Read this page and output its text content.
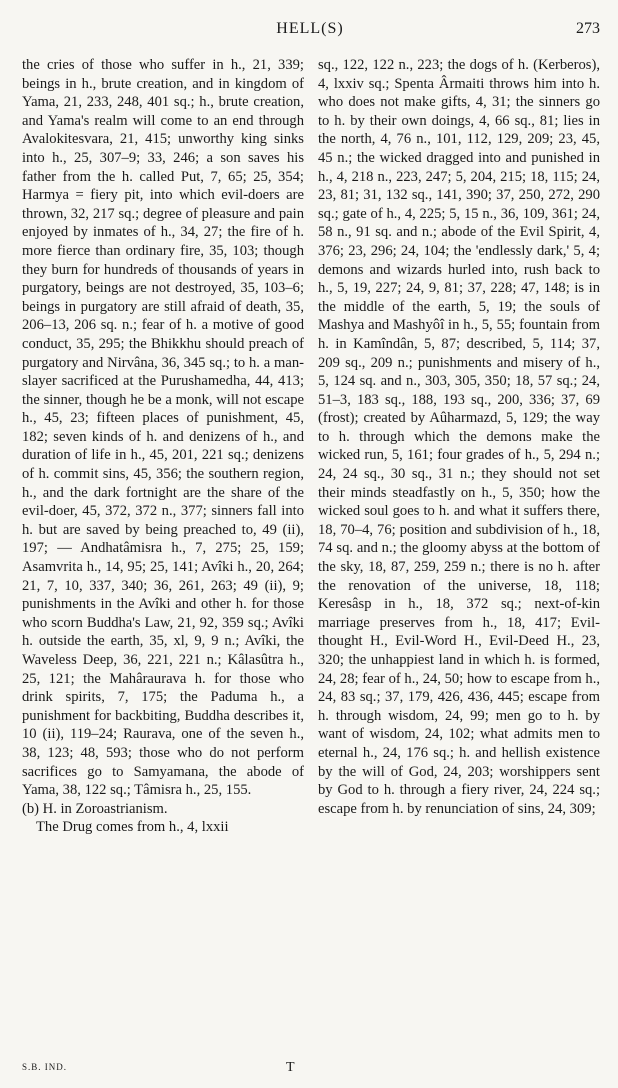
HELL(S)	273

the cries of those who suffer in h., 21, 339; beings in h., brute creation, and in kingdom of Yama, 21, 233, 248, 401 sq.; h., brute creation, and Yama's realm will come to an end through Avalokitesvara, 21, 415; unworthy king sinks into h., 25, 307–9; 33, 246; a son saves his father from the h. called Put, 7, 65; 25, 354; Harmya = fiery pit, into which evil-doers are thrown, 32, 217 sq.; degree of pleasure and pain enjoyed by inmates of h., 34, 27; the fire of h. more fierce than ordinary fire, 35, 103; though they burn for hundreds of thousands of years in purgatory, beings are not destroyed, 35, 103–6; beings in purgatory are still afraid of death, 35, 206–13, 206 sq. n.; fear of h. a motive of good conduct, 35, 295; the Bhikkhu should preach of purgatory and Nirvâna, 36, 345 sq.; to h. a man-slayer sacrificed at the Purushamedha, 44, 413; the sinner, though he be a monk, will not escape h., 45, 23; fifteen places of punishment, 45, 182; seven kinds of h. and denizens of h., and duration of life in h., 45, 201, 221 sq.; denizens of h. commit sins, 45, 356; the southern region, h., and the dark fortnight are the share of the evil-doer, 45, 372, 372 n., 377; sinners fall into h. but are saved by being preached to, 49 (ii), 197; — Andhatâmisra h., 7, 275; 25, 159; Asamvrita h., 14, 95; 25, 141; Avîki h., 20, 264; 21, 7, 10, 337, 340; 36, 261, 263; 49 (ii), 9; punishments in the Avîki and other h. for those who scorn Buddha's Law, 21, 92, 359 sq.; Avîki h. outside the earth, 35, xl, 9, 9 n.; Avîki, the Waveless Deep, 36, 221, 221 n.; Kâlasûtra h., 25, 121; the Mahâraurava h. for those who drink spirits, 7, 175; the Paduma h., a punishment for backbiting, Buddha describes it, 10 (ii), 119–24; Raurava, one of the seven h., 38, 123; 48, 593; those who do not perform sacrifices go to Samyamana, the abode of Yama, 38, 122 sq.; Tâmisra h., 25, 155.

(b) H. in Zoroastrianism.

The Drug comes from h., 4, lxxii

sq., 122, 122 n., 223; the dogs of h. (Kerberos), 4, lxxiv sq.; Spenta Ârmaiti throws him into h. who does not make gifts, 4, 31; the sinners go to h. by their own doings, 4, 66 sq., 81; lies in the north, 4, 76 n., 101, 112, 129, 209; 23, 45, 45 n.; the wicked dragged into and punished in h., 4, 218 n., 223, 247; 5, 204, 215; 18, 115; 24, 23, 81; 31, 132 sq., 141, 390; 37, 250, 272, 290 sq.; gate of h., 4, 225; 5, 15 n., 36, 109, 361; 24, 58 n., 91 sq. and n.; abode of the Evil Spirit, 4, 376; 23, 296; 24, 104; the 'endlessly dark,' 5, 4; demons and wizards hurled into, rush back to h., 5, 19, 227; 24, 9, 81; 37, 228; 47, 148; is in the middle of the earth, 5, 19; the souls of Mashya and Mashyôî in h., 5, 55; fountain from h. in Kamîndân, 5, 87; described, 5, 114; 37, 209 sq., 209 n.; punishments and misery of h., 5, 124 sq. and n., 303, 305, 350; 18, 57 sq.; 24, 51–3, 183 sq., 188, 193 sq., 200, 336; 37, 69 (frost); created by Aûharmazd, 5, 129; the way to h. through which the demons make the wicked run, 5, 161; four grades of h., 5, 294 n.; 24, 24 sq., 30 sq., 31 n.; they should not set their minds steadfastly on h., 5, 350; how the wicked soul goes to h. and what it suffers there, 18, 70–4, 76; position and subdivision of h., 18, 74 sq. and n.; the gloomy abyss at the bottom of the sky, 18, 87, 259, 259 n.; there is no h. after the renovation of the universe, 18, 118; Keresâsp in h., 18, 372 sq.; next-of-kin marriage preserves from h., 18, 417; Evil-thought H., Evil-Word H., Evil-Deed H., 23, 320; the unhappiest land in which h. is formed, 24, 28; fear of h., 24, 50; how to escape from h., 24, 83 sq.; 37, 179, 426, 436, 445; escape from h. through wisdom, 24, 99; men go to h. by want of wisdom, 24, 102; what admits men to eternal h., 24, 176 sq.; h. and hellish existence by the will of God, 24, 203; worshippers sent by God to h. through a fiery river, 24, 224 sq.; escape from h. by renunciation of sins, 24, 309;

S.B. IND.	T
